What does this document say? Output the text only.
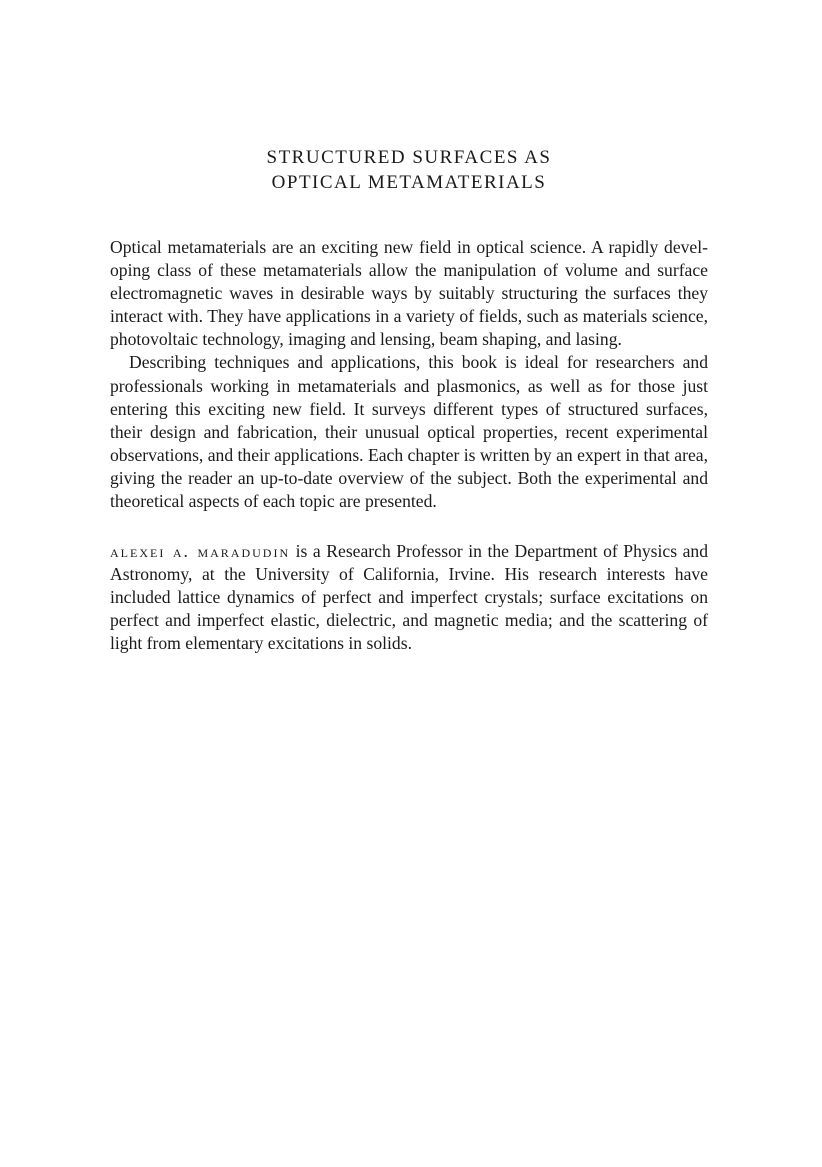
STRUCTURED SURFACES AS
OPTICAL METAMATERIALS

Optical metamaterials are an exciting new field in optical science. A rapidly developing class of these metamaterials allow the manipulation of volume and surface electromagnetic waves in desirable ways by suitably structuring the surfaces they interact with. They have applications in a variety of fields, such as materials science, photovoltaic technology, imaging and lensing, beam shaping, and lasing.

Describing techniques and applications, this book is ideal for researchers and professionals working in metamaterials and plasmonics, as well as for those just entering this exciting new field. It surveys different types of structured surfaces, their design and fabrication, their unusual optical properties, recent experimental observations, and their applications. Each chapter is written by an expert in that area, giving the reader an up-to-date overview of the subject. Both the experimental and theoretical aspects of each topic are presented.

alexei a. maradudin is a Research Professor in the Department of Physics and Astronomy, at the University of California, Irvine. His research interests have included lattice dynamics of perfect and imperfect crystals; surface excitations on perfect and imperfect elastic, dielectric, and magnetic media; and the scattering of light from elementary excitations in solids.
